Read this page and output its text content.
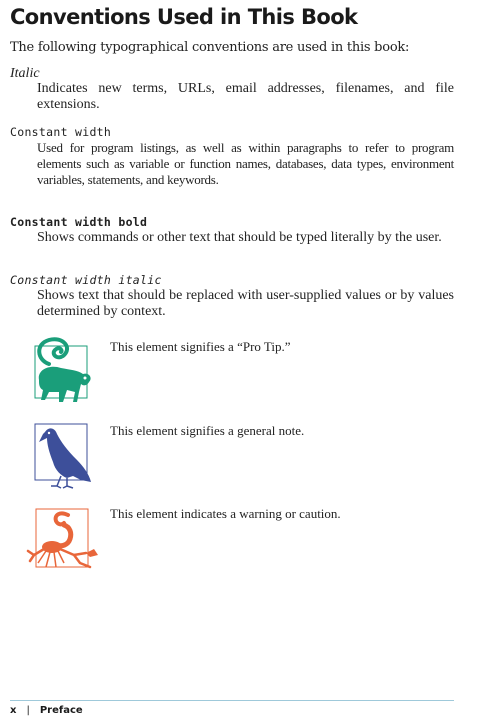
Conventions Used in This Book

The following typographical conventions are used in this book:

Italic

Indicates new terms, URLs, email addresses, filenames, and file extensions.

Constant width

Used for program listings, as well as within paragraphs to refer to program elements such as variable or function names, databases, data types, environment variables, statements, and keywords.

Constant width bold

Shows commands or other text that should be typed literally by the user.

Constant width italic

Shows text that should be replaced with user-supplied values or by values determined by context.

This element signifies a “Pro Tip.”

This element signifies a general note.

This element indicates a warning or caution.

x | Preface
